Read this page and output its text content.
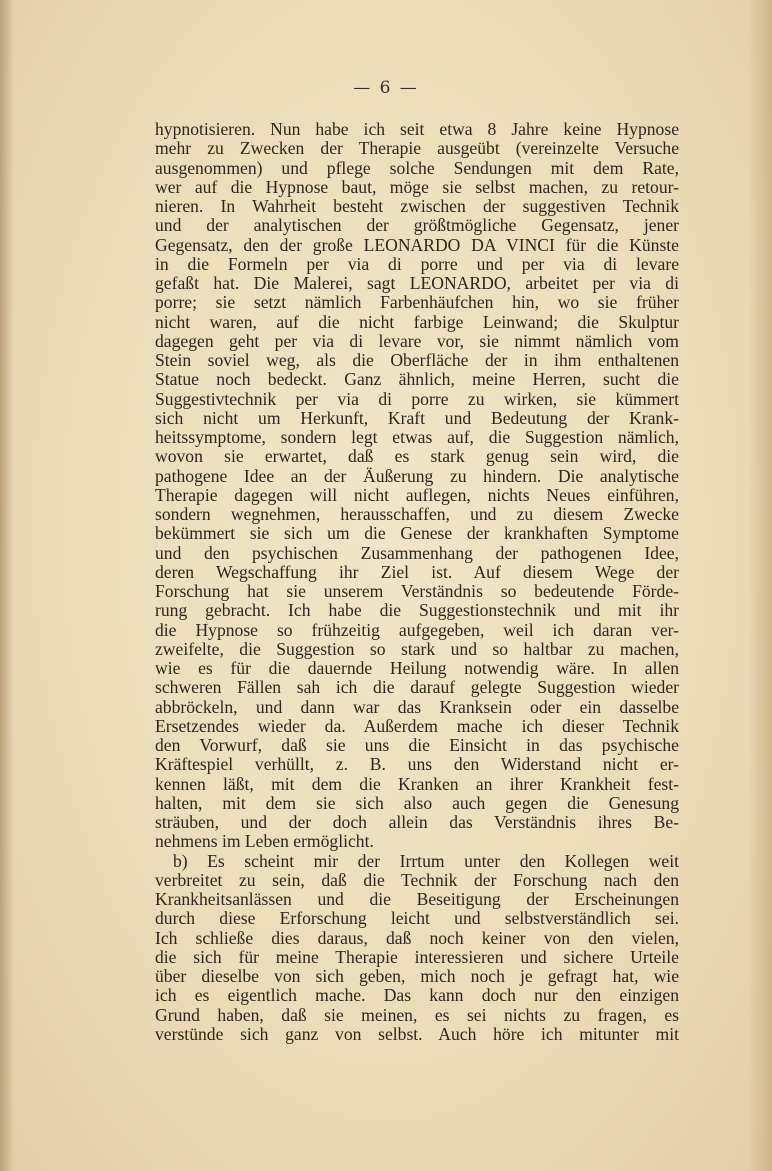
— 6 —
hypnotisieren. Nun habe ich seit etwa 8 Jahre keine Hypnose
mehr zu Zwecken der Therapie ausgeübt (vereinzelte Versuche
ausgenommen) und pflege solche Sendungen mit dem Rate,
wer auf die Hypnose baut, möge sie selbst machen, zu retour-
nieren. In Wahrheit besteht zwischen der suggestiven Technik
und der analytischen der größtmögliche Gegensatz, jener
Gegensatz, den der große LEONARDO DA VINCI für die Künste
in die Formeln per via di porre und per via di levare
gefaßt hat. Die Malerei, sagt LEONARDO, arbeitet per via di
porre; sie setzt nämlich Farbenhäufchen hin, wo sie früher
nicht waren, auf die nicht farbige Leinwand; die Skulptur
dagegen geht per via di levare vor, sie nimmt nämlich vom
Stein soviel weg, als die Oberfläche der in ihm enthaltenen
Statue noch bedeckt. Ganz ähnlich, meine Herren, sucht die
Suggestivtechnik per via di porre zu wirken, sie kümmert
sich nicht um Herkunft, Kraft und Bedeutung der Krank-
heitssymptome, sondern legt etwas auf, die Suggestion nämlich,
wovon sie erwartet, daß es stark genug sein wird, die
pathogene Idee an der Äußerung zu hindern. Die analytische
Therapie dagegen will nicht auflegen, nichts Neues einführen,
sondern wegnehmen, herausschaffen, und zu diesem Zwecke
bekümmert sie sich um die Genese der krankhaften Symptome
und den psychischen Zusammenhang der pathogenen Idee,
deren Wegschaffung ihr Ziel ist. Auf diesem Wege der
Forschung hat sie unserem Verständnis so bedeutende Förde-
rung gebracht. Ich habe die Suggestionstechnik und mit ihr
die Hypnose so frühzeitig aufgegeben, weil ich daran ver-
zweifelte, die Suggestion so stark und so haltbar zu machen,
wie es für die dauernde Heilung notwendig wäre. In allen
schweren Fällen sah ich die darauf gelegte Suggestion wieder
abbröckeln, und dann war das Kranksein oder ein dasselbe
Ersetzendes wieder da. Außerdem mache ich dieser Technik
den Vorwurf, daß sie uns die Einsicht in das psychische
Kräftespiel verhüllt, z. B. uns den Widerstand nicht er-
kennen läßt, mit dem die Kranken an ihrer Krankheit fest-
halten, mit dem sie sich also auch gegen die Genesung
sträuben, und der doch allein das Verständnis ihres Be-
nehmens im Leben ermöglicht.
b) Es scheint mir der Irrtum unter den Kollegen weit
verbreitet zu sein, daß die Technik der Forschung nach den
Krankheitsanlässen und die Beseitigung der Erscheinungen
durch diese Erforschung leicht und selbstverständlich sei.
Ich schließe dies daraus, daß noch keiner von den vielen,
die sich für meine Therapie interessieren und sichere Urteile
über dieselbe von sich geben, mich noch je gefragt hat, wie
ich es eigentlich mache. Das kann doch nur den einzigen
Grund haben, daß sie meinen, es sei nichts zu fragen, es
verstünde sich ganz von selbst. Auch höre ich mitunter mit
